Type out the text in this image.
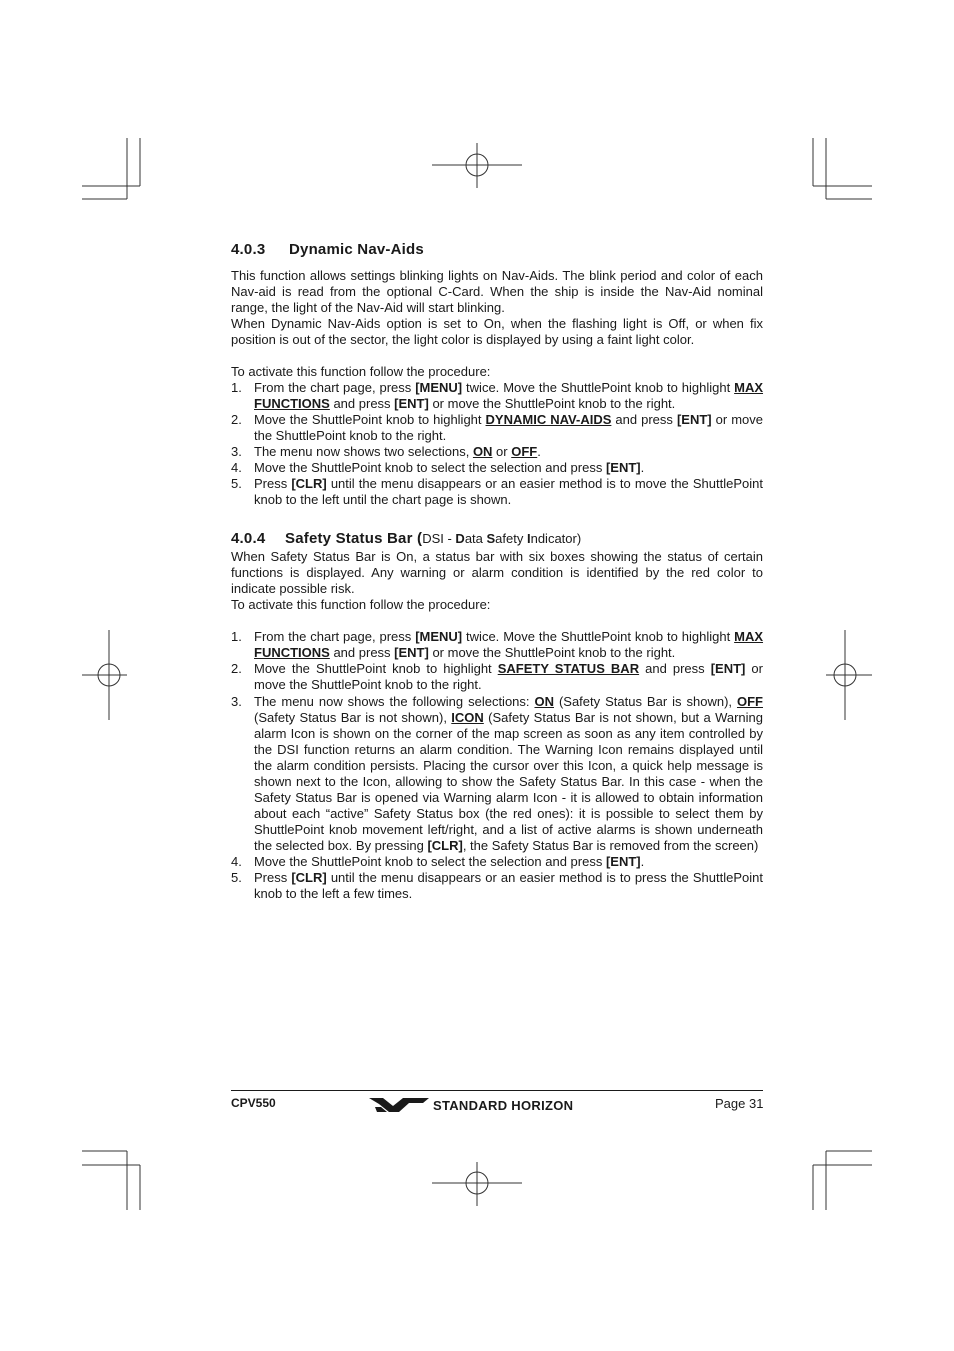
4.0.3 Dynamic Nav-Aids
This function allows settings blinking lights on Nav-Aids. The blink period and color of each Nav-aid is read from the optional C-Card. When the ship is inside the Nav-Aid nominal range, the light of the Nav-Aid will start blinking.
When Dynamic Nav-Aids option is set to On, when the flashing light is Off, or when fix position is out of the sector, the light color is displayed by using a faint light color.
To activate this function follow the procedure:
1. From the chart page, press [MENU] twice. Move the ShuttlePoint knob to highlight MAX FUNCTIONS and press [ENT] or move the ShuttlePoint knob to the right.
2. Move the ShuttlePoint knob to highlight DYNAMIC NAV-AIDS and press [ENT] or move the ShuttlePoint knob to the right.
3. The menu now shows two selections, ON or OFF.
4. Move the ShuttlePoint knob to select the selection and press [ENT].
5. Press [CLR] until the menu disappears or an easier method is to move the ShuttlePoint knob to the left until the chart page is shown.
4.0.4 Safety Status Bar (DSI - Data Safety Indicator)
When Safety Status Bar is On, a status bar with six boxes showing the status of certain functions is displayed. Any warning or alarm condition is identified by the red color to indicate possible risk.
To activate this function follow the procedure:
1. From the chart page, press [MENU] twice. Move the ShuttlePoint knob to highlight MAX FUNCTIONS and press [ENT] or move the ShuttlePoint knob to the right.
2. Move the ShuttlePoint knob to highlight SAFETY STATUS BAR and press [ENT] or move the ShuttlePoint knob to the right.
3. The menu now shows the following selections: ON (Safety Status Bar is shown), OFF (Safety Status Bar is not shown), ICON (Safety Status Bar is not shown, but a Warning alarm Icon is shown on the corner of the map screen as soon as any item controlled by the DSI function returns an alarm condition. The Warning Icon remains displayed until the alarm condition persists. Placing the cursor over this Icon, a quick help message is shown next to the Icon, allowing to show the Safety Status Bar. In this case - when the Safety Status Bar is opened via Warning alarm Icon - it is allowed to obtain information about each “active” Safety Status box (the red ones): it is possible to select them by ShuttlePoint knob movement left/right, and a list of active alarms is shown underneath the selected box. By pressing [CLR], the Safety Status Bar is removed from the screen)
4. Move the ShuttlePoint knob to select the selection and press [ENT].
5. Press [CLR] until the menu disappears or an easier method is to press the ShuttlePoint knob to the left a few times.
CPV550	STANDARD HORIZON	Page 31
